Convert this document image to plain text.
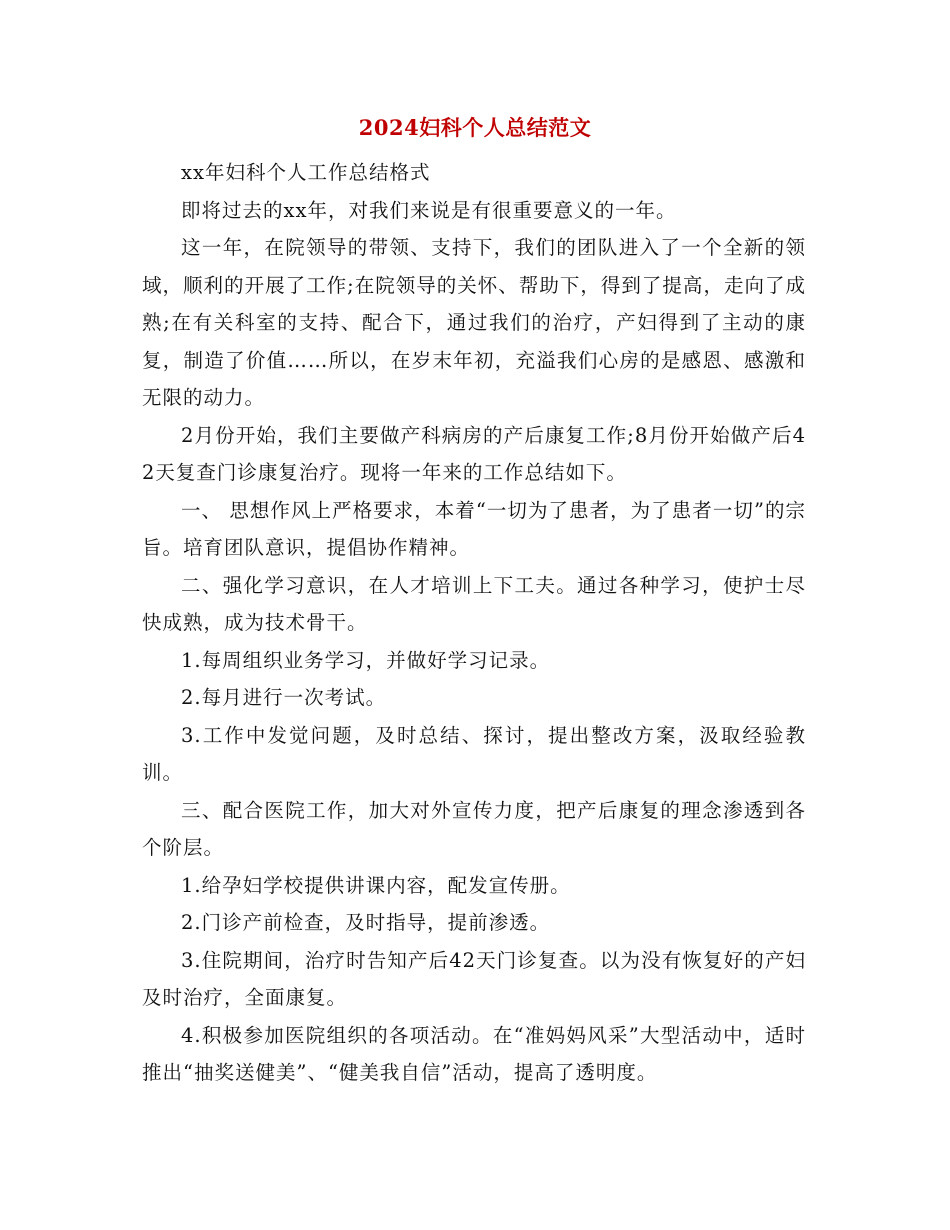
2024妇科个人总结范文

xx年妇科个人工作总结格式

即将过去的xx年，对我们来说是有很重要意义的一年。

这一年，在院领导的带领、支持下，我们的团队进入了一个全新的领域，顺利的开展了工作;在院领导的关怀、帮助下，得到了提高，走向了成熟;在有关科室的支持、配合下，通过我们的治疗，产妇得到了主动的康复，制造了价值……所以，在岁末年初，充溢我们心房的是感恩、感激和无限的动力。

2月份开始，我们主要做产科病房的产后康复工作;8月份开始做产后42天复查门诊康复治疗。现将一年来的工作总结如下。

一、 思想作风上严格要求，本着“一切为了患者，为了患者一切”的宗旨。培育团队意识，提倡协作精神。

二、强化学习意识，在人才培训上下工夫。通过各种学习，使护士尽快成熟，成为技术骨干。

1.每周组织业务学习，并做好学习记录。

2.每月进行一次考试。

3.工作中发觉问题，及时总结、探讨，提出整改方案，汲取经验教训。

三、配合医院工作，加大对外宣传力度，把产后康复的理念渗透到各个阶层。

1.给孕妇学校提供讲课内容，配发宣传册。

2.门诊产前检查，及时指导，提前渗透。

3.住院期间，治疗时告知产后42天门诊复查。以为没有恢复好的产妇及时治疗，全面康复。

4.积极参加医院组织的各项活动。在“准妈妈风采”大型活动中，适时推出“抽奖送健美”、“健美我自信”活动，提高了透明度。
